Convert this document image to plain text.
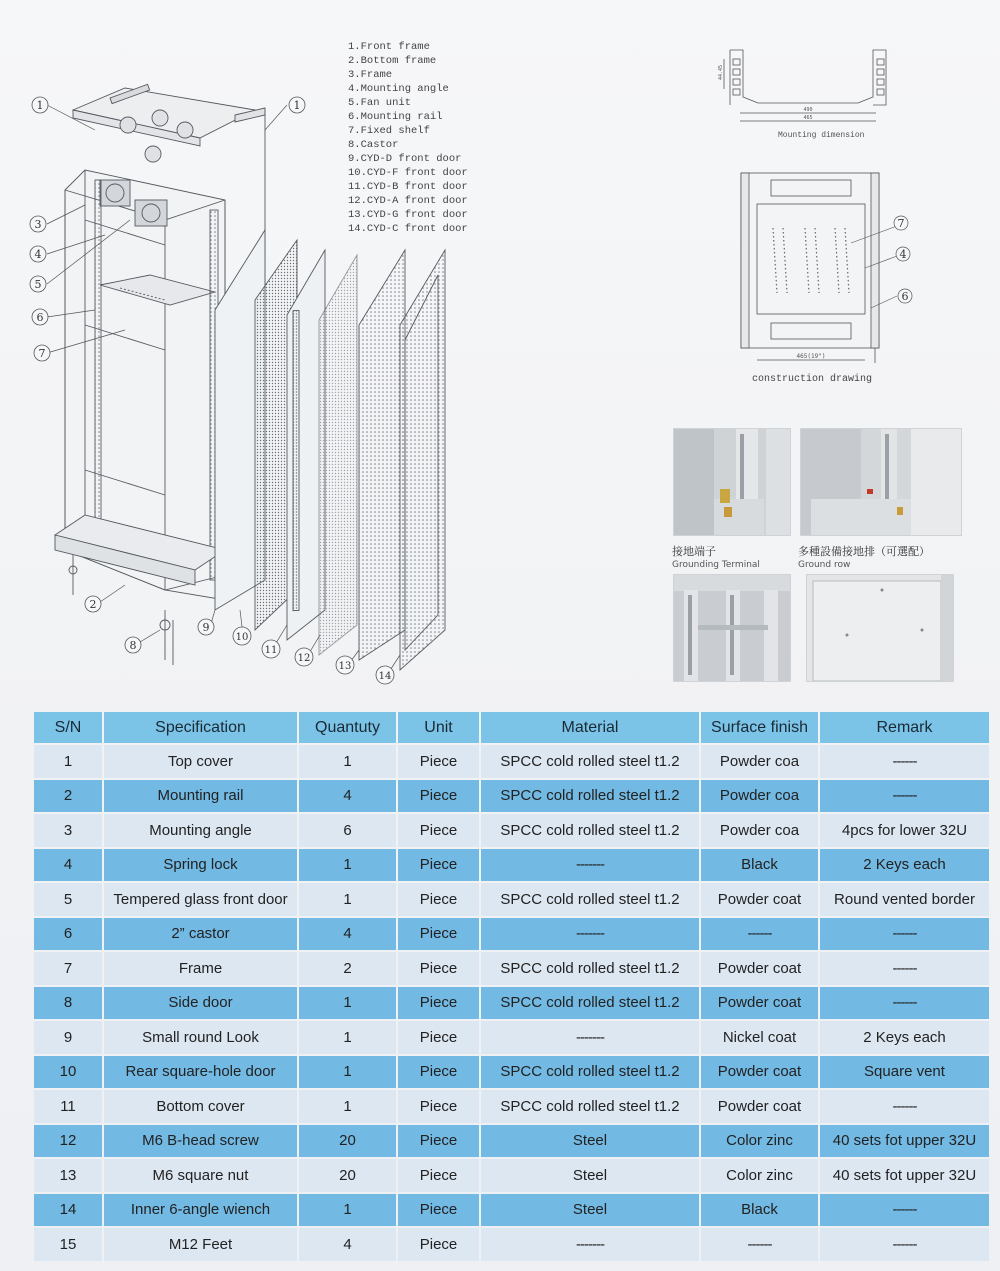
1	1
2
3
4
5
6
7
8
9
10
11
12
13
14
1.Front frame
2.Bottom frame
3.Frame
4.Mounting angle
5.Fan unit
6.Mounting rail
7.Fixed shelf
8.Castor
9.CYD-D front door
10.CYD-F front door
11.CYD-B front door
12.CYD-A front door
13.CYD-G front door
14.CYD-C front door
44.45
490
465
Mounting dimension
7
4
6
465(19")
construction drawing
接地端子
Grounding Terminal
多種設備接地排（可選配）
Ground row
S/N	Specification	Quantuty	Unit	Material	Surface finish	Remark
1	Top cover	1	Piece	SPCC cold rolled steel t1.2	Powder coa	------
2	Mounting rail	4	Piece	SPCC cold rolled steel t1.2	Powder coa	------
3	Mounting angle	6	Piece	SPCC cold rolled steel t1.2	Powder coa	4pcs for lower 32U
4	Spring lock	1	Piece	-------	Black	2 Keys each
5	Tempered glass front door	1	Piece	SPCC cold rolled steel t1.2	Powder coat	Round vented border
6	2” castor	4	Piece	-------	------	------
7	Frame	2	Piece	SPCC cold rolled steel t1.2	Powder coat	------
8	Side door	1	Piece	SPCC cold rolled steel t1.2	Powder coat	------
9	Small round Look	1	Piece	-------	Nickel coat	2 Keys each
10	Rear square-hole door	1	Piece	SPCC cold rolled steel t1.2	Powder coat	Square vent
11	Bottom cover	1	Piece	SPCC cold rolled steel t1.2	Powder coat	------
12	M6 B-head screw	20	Piece	Steel	Color zinc	40 sets fot upper 32U
13	M6 square nut	20	Piece	Steel	Color zinc	40 sets fot upper 32U
14	Inner 6-angle wiench	1	Piece	Steel	Black	------
15	M12 Feet	4	Piece	-------	------	------
